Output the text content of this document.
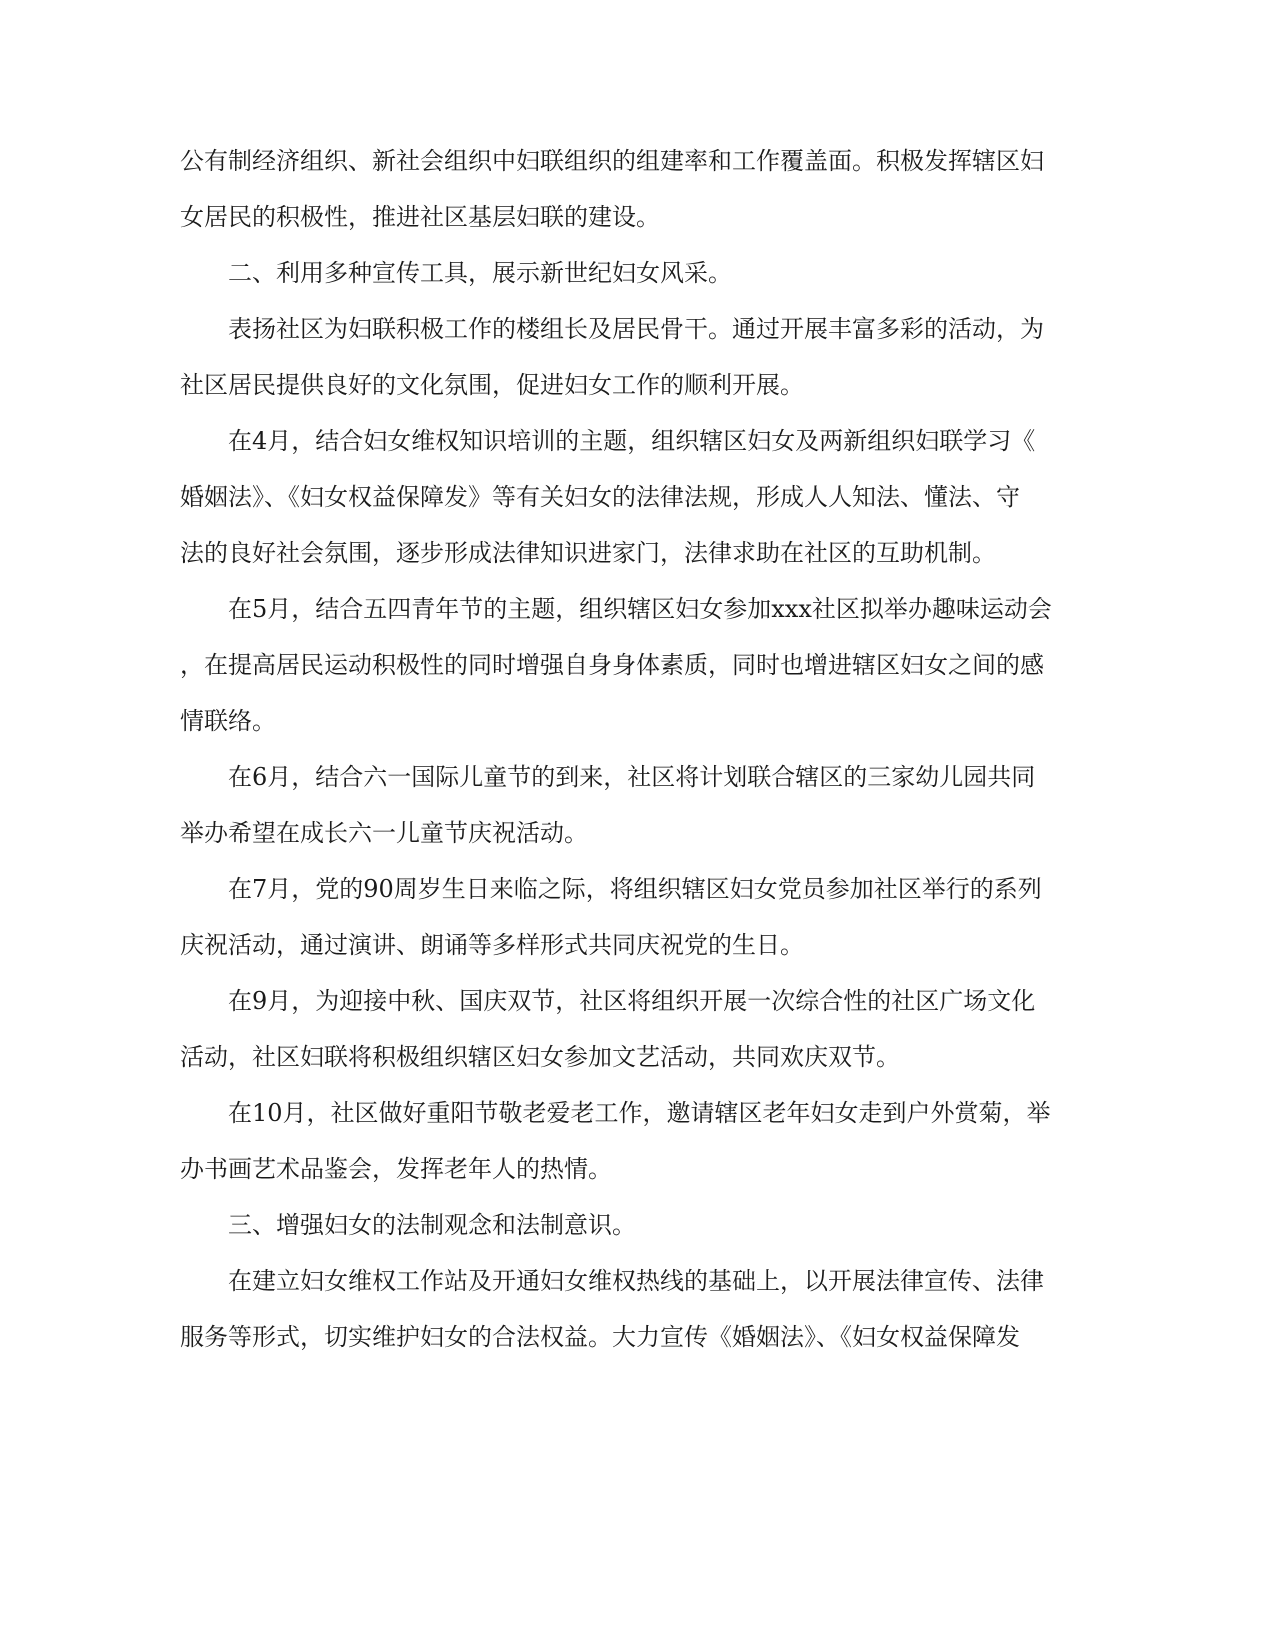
公有制经济组织、新社会组织中妇联组织的组建率和工作覆盖面。积极发挥辖区妇
女居民的积极性，推进社区基层妇联的建设。
二、利用多种宣传工具，展示新世纪妇女风采。
表扬社区为妇联积极工作的楼组长及居民骨干。通过开展丰富多彩的活动，为
社区居民提供良好的文化氛围，促进妇女工作的顺利开展。
在4月，结合妇女维权知识培训的主题，组织辖区妇女及两新组织妇联学习《
婚姻法》、《妇女权益保障发》等有关妇女的法律法规，形成人人知法、懂法、守
法的良好社会氛围，逐步形成法律知识进家门，法律求助在社区的互助机制。
在5月，结合五四青年节的主题，组织辖区妇女参加xxx社区拟举办趣味运动会
，在提高居民运动积极性的同时增强自身身体素质，同时也增进辖区妇女之间的感
情联络。
在6月，结合六一国际儿童节的到来，社区将计划联合辖区的三家幼儿园共同
举办希望在成长六一儿童节庆祝活动。
在7月，党的90周岁生日来临之际，将组织辖区妇女党员参加社区举行的系列
庆祝活动，通过演讲、朗诵等多样形式共同庆祝党的生日。
在9月，为迎接中秋、国庆双节，社区将组织开展一次综合性的社区广场文化
活动，社区妇联将积极组织辖区妇女参加文艺活动，共同欢庆双节。
在10月，社区做好重阳节敬老爱老工作，邀请辖区老年妇女走到户外赏菊，举
办书画艺术品鉴会，发挥老年人的热情。
三、增强妇女的法制观念和法制意识。
在建立妇女维权工作站及开通妇女维权热线的基础上，以开展法律宣传、法律
服务等形式，切实维护妇女的合法权益。大力宣传《婚姻法》、《妇女权益保障发
